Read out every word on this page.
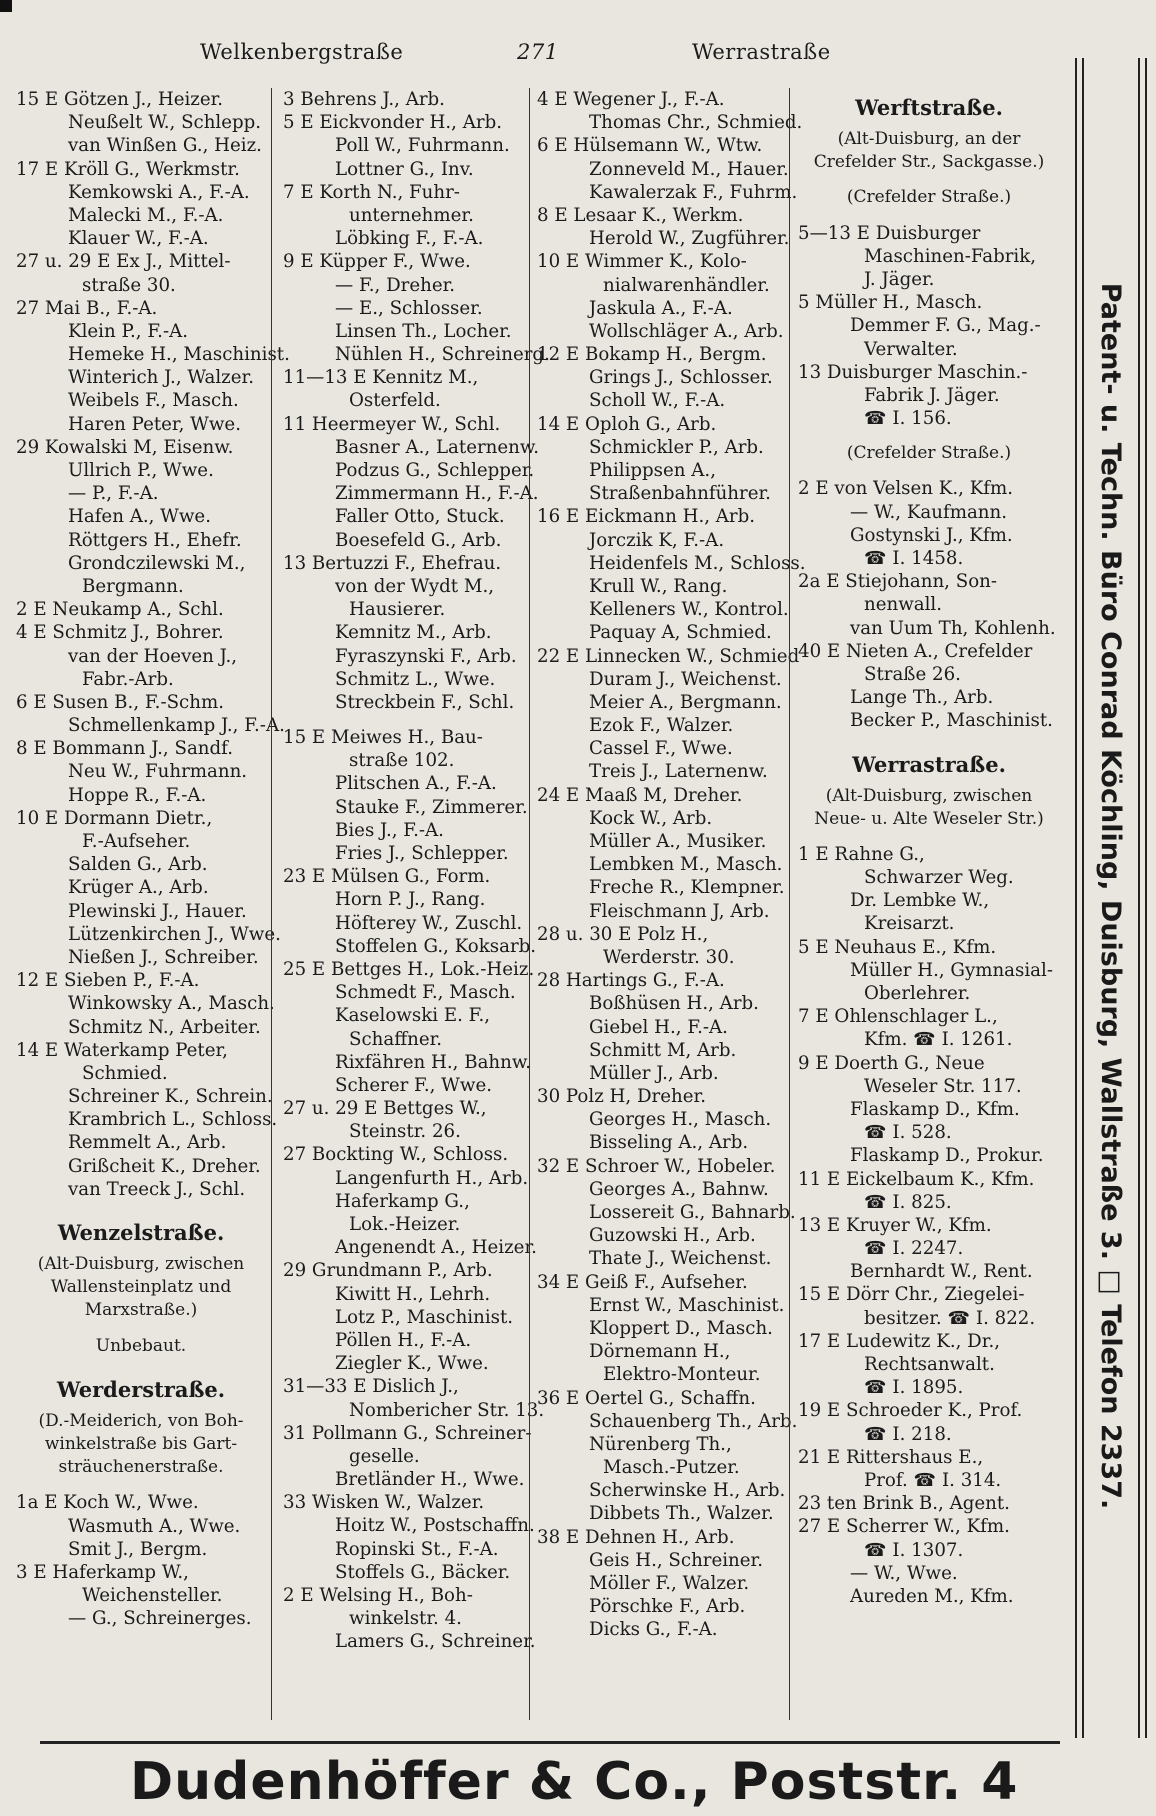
Welkenbergstraße	271	Werrastraße
15 E Götzen J., Heizer.
Neußelt W., Schlepp.
van Winßen G., Heiz.
17 E Kröll G., Werkmstr.
Kemkowski A., F.-A.
Malecki M., F.-A.
Klauer W., F.-A.
27 u. 29 E Ex J., Mittel-
straße 30.
27 Mai B., F.-A.
Klein P., F.-A.
Hemeke H., Maschinist.
Winterich J., Walzer.
Weibels F., Masch.
Haren Peter, Wwe.
29 Kowalski M, Eisenw.
Ullrich P., Wwe.
— P., F.-A.
Hafen A., Wwe.
Röttgers H., Ehefr.
Grondczilewski M.,
Bergmann.
2 E Neukamp A., Schl.
4 E Schmitz J., Bohrer.
van der Hoeven J.,
Fabr.-Arb.
6 E Susen B., F.-Schm.
Schmellenkamp J., F.-A.
8 E Bommann J., Sandf.
Neu W., Fuhrmann.
Hoppe R., F.-A.
10 E Dormann Dietr.,
F.-Aufseher.
Salden G., Arb.
Krüger A., Arb.
Plewinski J., Hauer.
Lützenkirchen J., Wwe.
Nießen J., Schreiber.
12 E Sieben P., F.-A.
Winkowsky A., Masch.
Schmitz N., Arbeiter.
14 E Waterkamp Peter,
Schmied.
Schreiner K., Schrein.
Krambrich L., Schloss.
Remmelt A., Arb.
Grißcheit K., Dreher.
van Treeck J., Schl.
Wenzelstraße.
(Alt-Duisburg, zwischen
Wallensteinplatz und
Marxstraße.)
Unbebaut.
Werderstraße.
(D.-Meiderich, von Boh-
winkelstraße bis Gart-
sträuchenerstraße.
1a E Koch W., Wwe.
Wasmuth A., Wwe.
Smit J., Bergm.
3 E Haferkamp W.,
Weichensteller.
— G., Schreinerges.
3 Behrens J., Arb.
5 E Eickvonder H., Arb.
Poll W., Fuhrmann.
Lottner G., Inv.
7 E Korth N., Fuhr-
unternehmer.
Löbking F., F.-A.
9 E Küpper F., Wwe.
— F., Dreher.
— E., Schlosser.
Linsen Th., Locher.
Nühlen H., Schreinerg.
11—13 E Kennitz M.,
Osterfeld.
11 Heermeyer W., Schl.
Basner A., Laternenw.
Podzus G., Schlepper.
Zimmermann H., F.-A.
Faller Otto, Stuck.
Boesefeld G., Arb.
13 Bertuzzi F., Ehefrau.
von der Wydt M.,
Hausierer.
Kemnitz M., Arb.
Fyraszynski F., Arb.
Schmitz L., Wwe.
Streckbein F., Schl.
15 E Meiwes H., Bau-
straße 102.
Plitschen A., F.-A.
Stauke F., Zimmerer.
Bies J., F.-A.
Fries J., Schlepper.
23 E Mülsen G., Form.
Horn P. J., Rang.
Höfterey W., Zuschl.
Stoffelen G., Koksarb.
25 E Bettges H., Lok.-Heiz.
Schmedt F., Masch.
Kaselowski E. F.,
Schaffner.
Rixfähren H., Bahnw.
Scherer F., Wwe.
27 u. 29 E Bettges W.,
Steinstr. 26.
27 Bockting W., Schloss.
Langenfurth H., Arb.
Haferkamp G.,
Lok.-Heizer.
Angenendt A., Heizer.
29 Grundmann P., Arb.
Kiwitt H., Lehrh.
Lotz P., Maschinist.
Pöllen H., F.-A.
Ziegler K., Wwe.
31—33 E Dislich J.,
Nombericher Str. 13.
31 Pollmann G., Schreiner-
geselle.
Bretländer H., Wwe.
33 Wisken W., Walzer.
Hoitz W., Postschaffn.
Ropinski St., F.-A.
Stoffels G., Bäcker.
2 E Welsing H., Boh-
winkelstr. 4.
Lamers G., Schreiner.
4 E Wegener J., F.-A.
Thomas Chr., Schmied.
6 E Hülsemann W., Wtw.
Zonneveld M., Hauer.
Kawalerzak F., Fuhrm.
8 E Lesaar K., Werkm.
Herold W., Zugführer.
10 E Wimmer K., Kolo-
nialwarenhändler.
Jaskula A., F.-A.
Wollschläger A., Arb.
12 E Bokamp H., Bergm.
Grings J., Schlosser.
Scholl W., F.-A.
14 E Oploh G., Arb.
Schmickler P., Arb.
Philippsen A.,
Straßenbahnführer.
16 E Eickmann H., Arb.
Jorczik K, F.-A.
Heidenfels M., Schloss.
Krull W., Rang.
Kelleners W., Kontrol.
Paquay A, Schmied.
22 E Linnecken W., Schmied
Duram J., Weichenst.
Meier A., Bergmann.
Ezok F., Walzer.
Cassel F., Wwe.
Treis J., Laternenw.
24 E Maaß M, Dreher.
Kock W., Arb.
Müller A., Musiker.
Lembken M., Masch.
Freche R., Klempner.
Fleischmann J, Arb.
28 u. 30 E Polz H.,
Werderstr. 30.
28 Hartings G., F.-A.
Boßhüsen H., Arb.
Giebel H., F.-A.
Schmitt M, Arb.
Müller J., Arb.
30 Polz H, Dreher.
Georges H., Masch.
Bisseling A., Arb.
32 E Schroer W., Hobeler.
Georges A., Bahnw.
Lossereit G., Bahnarb.
Guzowski H., Arb.
Thate J., Weichenst.
34 E Geiß F., Aufseher.
Ernst W., Maschinist.
Kloppert D., Masch.
Dörnemann H.,
Elektro-Monteur.
36 E Oertel G., Schaffn.
Schauenberg Th., Arb.
Nürenberg Th.,
Masch.-Putzer.
Scherwinske H., Arb.
Dibbets Th., Walzer.
38 E Dehnen H., Arb.
Geis H., Schreiner.
Möller F., Walzer.
Pörschke F., Arb.
Dicks G., F.-A.
Werftstraße.
(Alt-Duisburg, an der
Crefelder Str., Sackgasse.)
(Crefelder Straße.)
5—13 E Duisburger
Maschinen-Fabrik,
J. Jäger.
5 Müller H., Masch.
Demmer F. G., Mag.-
Verwalter.
13 Duisburger Maschin.-
Fabrik J. Jäger.
☎ I. 156.
(Crefelder Straße.)
2 E von Velsen K., Kfm.
— W., Kaufmann.
Gostynski J., Kfm.
☎ I. 1458.
2a E Stiejohann, Son-
nenwall.
van Uum Th, Kohlenh.
40 E Nieten A., Crefelder
Straße 26.
Lange Th., Arb.
Becker P., Maschinist.
Werrastraße.
(Alt-Duisburg, zwischen
Neue- u. Alte Weseler Str.)
1 E Rahne G.,
Schwarzer Weg.
Dr. Lembke W.,
Kreisarzt.
5 E Neuhaus E., Kfm.
Müller H., Gymnasial-
Oberlehrer.
7 E Ohlenschlager L.,
Kfm. ☎ I. 1261.
9 E Doerth G., Neue
Weseler Str. 117.
Flaskamp D., Kfm.
☎ I. 528.
Flaskamp D., Prokur.
11 E Eickelbaum K., Kfm.
☎ I. 825.
13 E Kruyer W., Kfm.
☎ I. 2247.
Bernhardt W., Rent.
15 E Dörr Chr., Ziegelei-
besitzer. ☎ I. 822.
17 E Ludewitz K., Dr.,
Rechtsanwalt.
☎ I. 1895.
19 E Schroeder K., Prof.
☎ I. 218.
21 E Rittershaus E.,
Prof. ☎ I. 314.
23 ten Brink B., Agent.
27 E Scherrer W., Kfm.
☎ I. 1307.
— W., Wwe.
Aureden M., Kfm.
Patent- u. Techn. Büro Conrad Köchling, Duisburg, Wallstraße 3. □ Telefon 2337.
Dudenhöffer & Co., Poststr. 4
